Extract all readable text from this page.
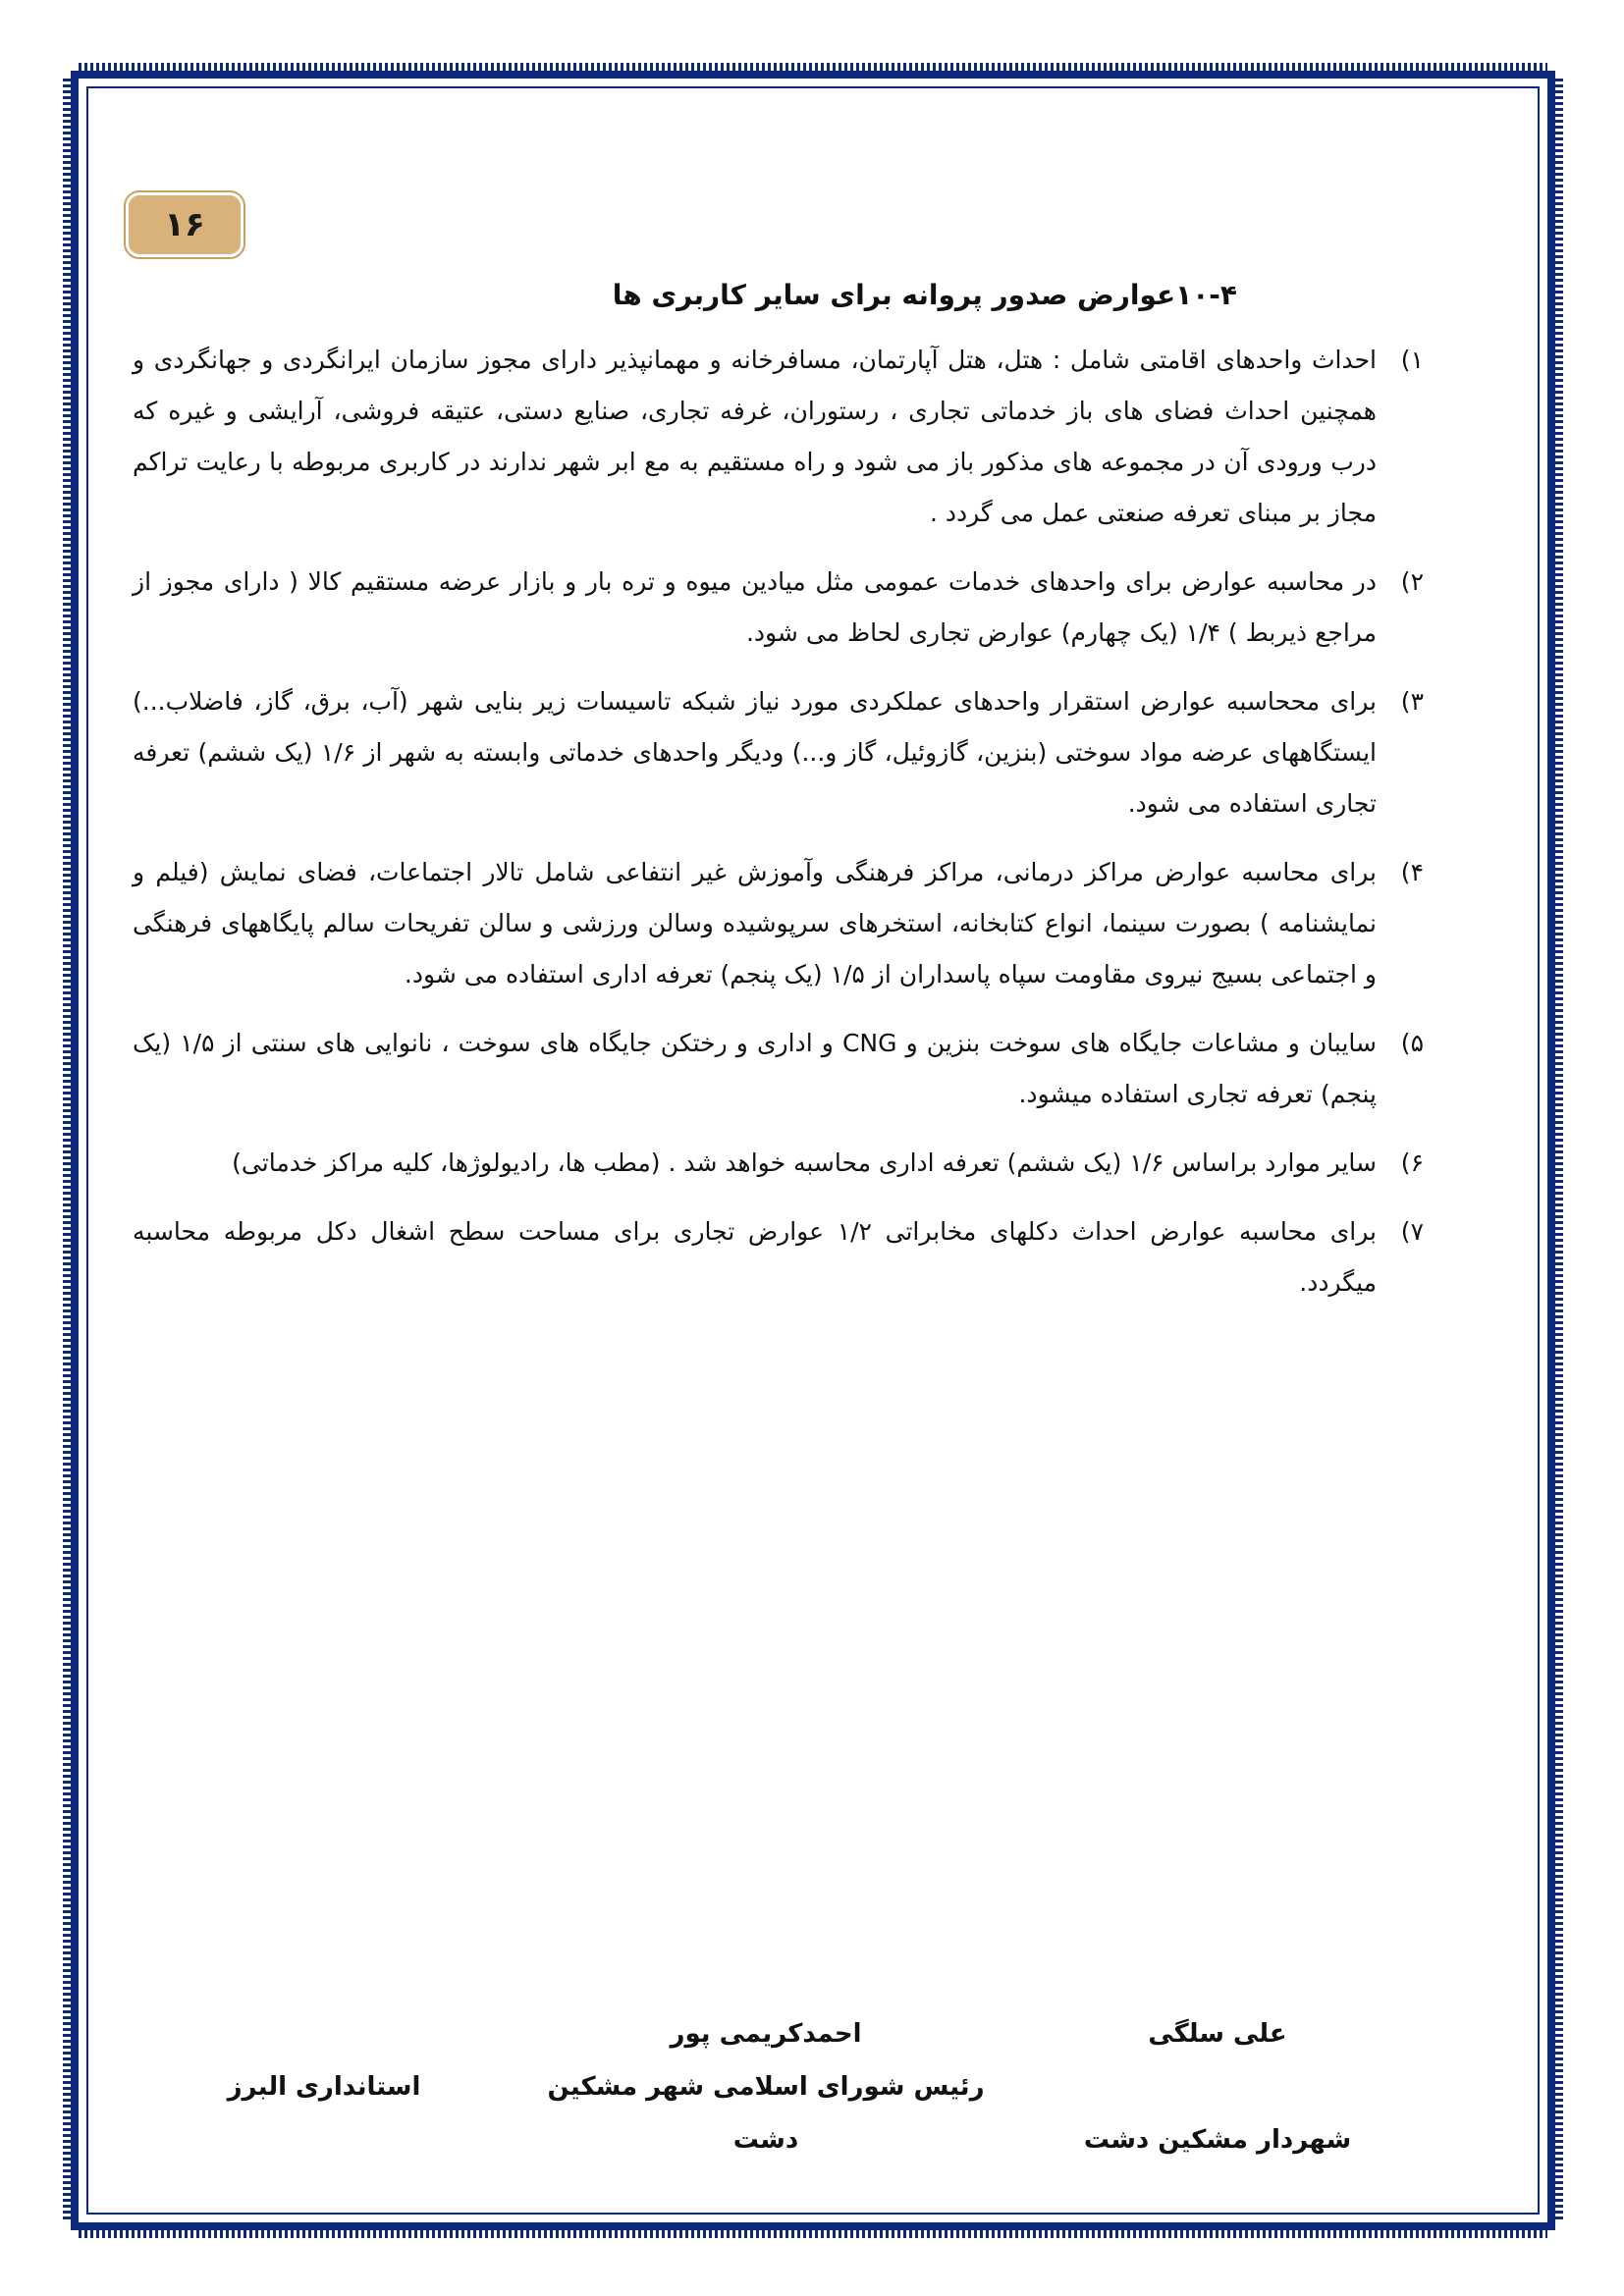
۱۶
۱۰-۴عوارض صدور پروانه برای سایر کاربری ها
۱)
احداث واحدهای اقامتی شامل : هتل، هتل آپارتمان، مسافرخانه و مهمانپذیر دارای مجوز سازمان ایرانگردی و جهانگردی و همچنین احداث فضای های باز خدماتی تجاری ، رستوران، غرفه تجاری، صنایع دستی، عتیقه فروشی، آرایشی و غیره که درب ورودی آن در مجموعه های مذکور باز می شود و راه مستقیم به مع ابر شهر ندارند در کاربری مربوطه با رعایت تراکم مجاز بر مبنای تعرفه صنعتی عمل می گردد .
۲)
در محاسبه عوارض برای واحدهای خدمات عمومی مثل میادین میوه و تره بار و بازار عرضه مستقیم کالا ( دارای مجوز از مراجع ذیربط ) ۱/۴ (یک چهارم) عوارض تجاری لحاظ می شود.
۳)
برای مححاسبه عوارض استقرار واحدهای عملکردی مورد نیاز شبکه تاسیسات زیر بنایی شهر (آب، برق، گاز، فاضلاب...) ایستگاههای عرضه مواد سوختی (بنزین، گازوئیل، گاز و...) ودیگر واحدهای خدماتی وابسته به شهر از ۱/۶ (یک ششم) تعرفه تجاری استفاده می شود.
۴)
برای محاسبه عوارض مراکز درمانی، مراکز فرهنگی وآموزش غیر انتفاعی شامل تالار اجتماعات، فضای نمایش (فیلم و نمایشنامه ) بصورت سینما، انواع کتابخانه، استخرهای سرپوشیده وسالن ورزشی و سالن تفریحات سالم پایگاههای فرهنگی و اجتماعی بسیج نیروی مقاومت سپاه پاسداران از ۱/۵ (یک پنجم) تعرفه اداری استفاده می شود.
۵)
سایبان و مشاعات جایگاه های سوخت بنزین و CNG و اداری و رختکن جایگاه های سوخت ، نانوایی های سنتی از ۱/۵ (یک پنجم) تعرفه تجاری استفاده میشود.
۶)
سایر موارد براساس ۱/۶ (یک ششم) تعرفه اداری محاسبه خواهد شد . (مطب ها، رادیولوژها، کلیه مراکز خدماتی)
۷)
برای محاسبه عوارض احداث دکلهای مخابراتی ۱/۲ عوارض تجاری برای مساحت سطح اشغال دکل مربوطه محاسبه میگردد.
علی سلگی
شهردار مشکین دشت
احمدکریمی پور
رئیس شورای اسلامی شهر مشکین
دشت
استانداری البرز
